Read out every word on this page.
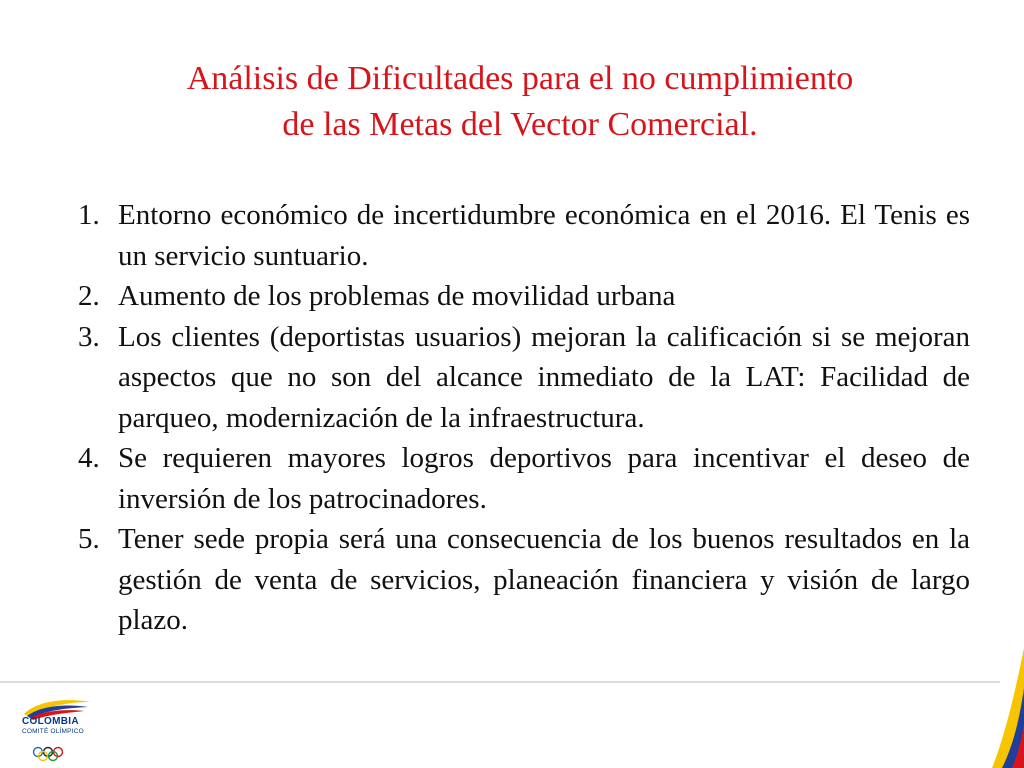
Análisis de Dificultades para el no cumplimiento
de las Metas del Vector Comercial.
1. Entorno económico de incertidumbre económica en el 2016. El Tenis es un servicio suntuario.
2. Aumento de los problemas de movilidad urbana
3. Los clientes (deportistas usuarios) mejoran la calificación si se mejoran aspectos que no son del alcance inmediato de la LAT: Facilidad de parqueo, modernización de la infraestructura.
4. Se requieren mayores logros deportivos para incentivar el deseo de inversión de los patrocinadores.
5. Tener sede propia será una consecuencia de los buenos resultados en la gestión de venta de servicios, planeación financiera y visión de largo plazo.
COLOMBIA
COMITÉ OLÍMPICO
